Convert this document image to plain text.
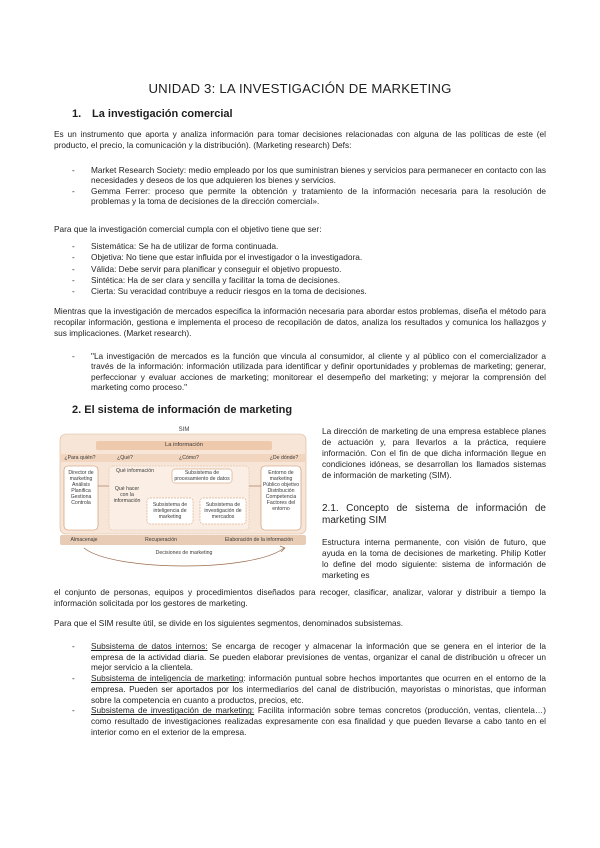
UNIDAD 3: LA INVESTIGACIÓN DE MARKETING
1. La investigación comercial
Es un instrumento que aporta y analiza información para tomar decisiones relacionadas con alguna de las políticas de este (el producto, el precio, la comunicación y la distribución). (Marketing research) Defs:
- Market Research Society: medio empleado por los que suministran bienes y servicios para permanecer en contacto con las necesidades y deseos de los que adquieren los bienes y servicios.
- Gemma Ferrer: proceso que permite la obtención y tratamiento de la información necesaria para la resolución de problemas y la toma de decisiones de la dirección comercial».
Para que la investigación comercial cumpla con el objetivo tiene que ser:
- Sistemática: Se ha de utilizar de forma continuada.
- Objetiva: No tiene que estar influida por el investigador o la investigadora.
- Válida: Debe servir para planificar y conseguir el objetivo propuesto.
- Sintética: Ha de ser clara y sencilla y facilitar la toma de decisiones.
- Cierta: Su veracidad contribuye a reducir riesgos en la toma de decisiones.
Mientras que la investigación de mercados especifica la información necesaria para abordar estos problemas, diseña el método para recopilar información, gestiona e implementa el proceso de recopilación de datos, analiza los resultados y comunica los hallazgos y sus implicaciones. (Market research).
- "La investigación de mercados es la función que vincula al consumidor, al cliente y al público con el comercializador a través de la información: información utilizada para identificar y definir oportunidades y problemas de marketing; generar, perfeccionar y evaluar acciones de marketing; monitorear el desempeño del marketing; y mejorar la comprensión del marketing como proceso."
2. El sistema de información de marketing
SIM
La información
¿Para quién?	¿Qué?	¿Cómo?	¿De dónde?
Director de marketing Análisis Planifica Gestiona Controla
Qué información	Subsistema de procesamiento de datos
Qué hacer con la información
Subsistema de inteligencia de marketing
Subsistema de investigación de mercados
Entorno de marketing Público objetivo Distribución Competencia Factores del entorno
Almacenaje	Recuperación	Elaboración de la información
Decisiones de marketing
La dirección de marketing de una empresa establece planes de actuación y, para llevarlos a la práctica, requiere información. Con el fin de que dicha información llegue en condiciones idóneas, se desarrollan los llamados sistemas de información de marketing (SIM).
2.1. Concepto de sistema de información de marketing SIM
Estructura interna permanente, con visión de futuro, que ayuda en la toma de decisiones de marketing. Philip Kotler lo define del modo siguiente: sistema de información de marketing es
el conjunto de personas, equipos y procedimientos diseñados para recoger, clasificar, analizar, valorar y distribuir a tiempo la información solicitada por los gestores de marketing.
Para que el SIM resulte útil, se divide en los siguientes segmentos, denominados subsistemas.
- Subsistema de datos internos: Se encarga de recoger y almacenar la información que se genera en el interior de la empresa de la actividad diaria. Se pueden elaborar previsiones de ventas, organizar el canal de distribución u ofrecer un mejor servicio a la clientela.
- Subsistema de inteligencia de marketing: información puntual sobre hechos importantes que ocurren en el entorno de la empresa. Pueden ser aportados por los intermediarios del canal de distribución, mayoristas o minoristas, que informan sobre la competencia en cuanto a productos, precios, etc.
- Subsistema de investigación de marketing: Facilita información sobre temas concretos (producción, ventas, clientela…) como resultado de investigaciones realizadas expresamente con esa finalidad y que pueden llevarse a cabo tanto en el interior como en el exterior de la empresa.
